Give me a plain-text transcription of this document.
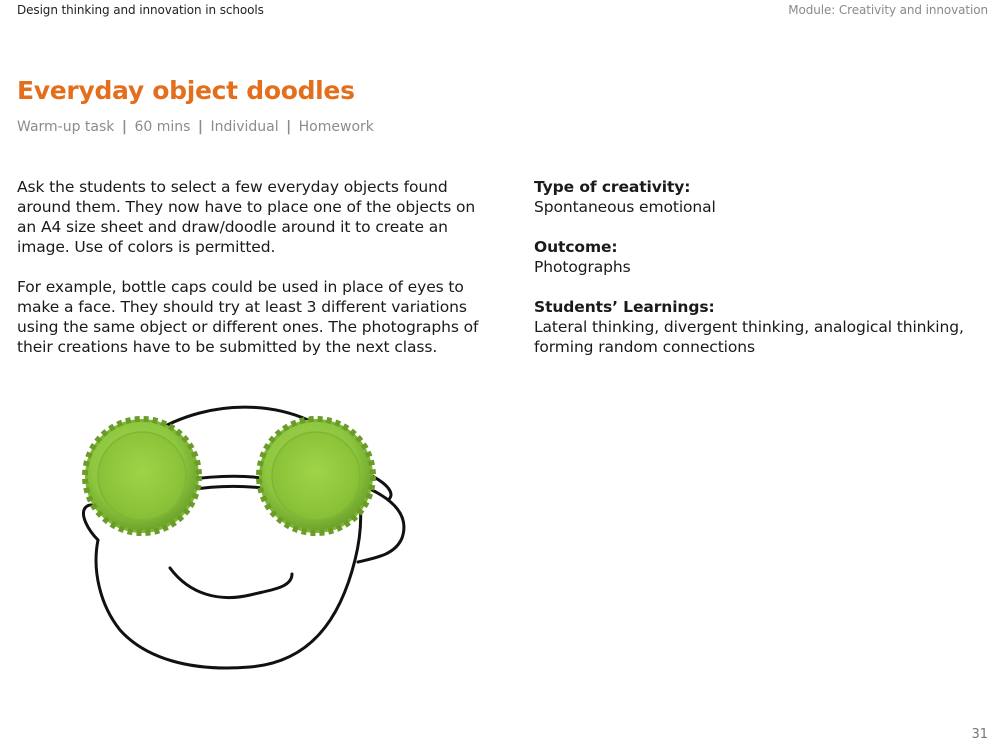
Design thinking and innovation in schools	Module: Creativity and innovation
Everyday object doodles
Warm-up task | 60 mins | Individual | Homework

Ask the students to select a few everyday objects found around them. They now have to place one of the objects on an A4 size sheet and draw/doodle around it to create an image. Use of colors is permitted.

For example, bottle caps could be used in place of eyes to make a face. They should try at least 3 different variations using the same object or different ones. The photographs of their creations have to be submitted by the next class.

Type of creativity:
Spontaneous emotional
Outcome:
Photographs
Students’ Learnings:
Lateral thinking, divergent thinking, analogical thinking, forming random connections
31
